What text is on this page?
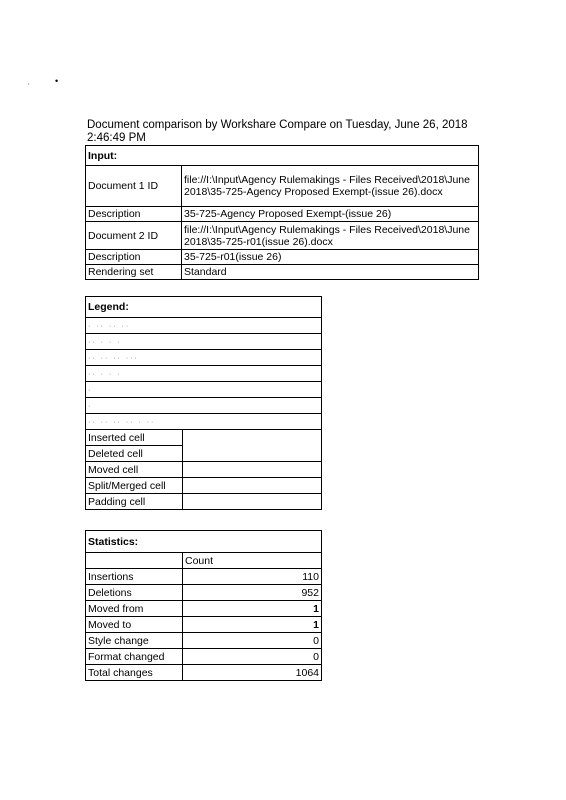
'
•
Document comparison by Workshare Compare on Tuesday, June 26, 2018 2:46:49 PM
Input:	
Document 1 ID	file://I:\Input\Agency Rulemakings - Files Received\2018\June 2018\35-725-Agency Proposed Exempt-(issue 26).docx
Description	35-725-Agency Proposed Exempt-(issue 26)
Document 2 ID	file://I:\Input\Agency Rulemakings - Files Received\2018\June 2018\35-725-r01(issue 26).docx
Description	35-725-r01(issue 26)
Rendering set	Standard
Legend:	
· ·· ·· ··	
·· · · ·	
·· ·· ·· ···	
·· · · ·	
·	
·	
·· ·· ·· ·· · ··	
Inserted cell	
Deleted cell	
Moved cell	
Split/Merged cell	
Padding cell	
Statistics:	
	Count
Insertions	110
Deletions	952
Moved from	1
Moved to	1
Style change	0
Format changed	0
Total changes	1064
